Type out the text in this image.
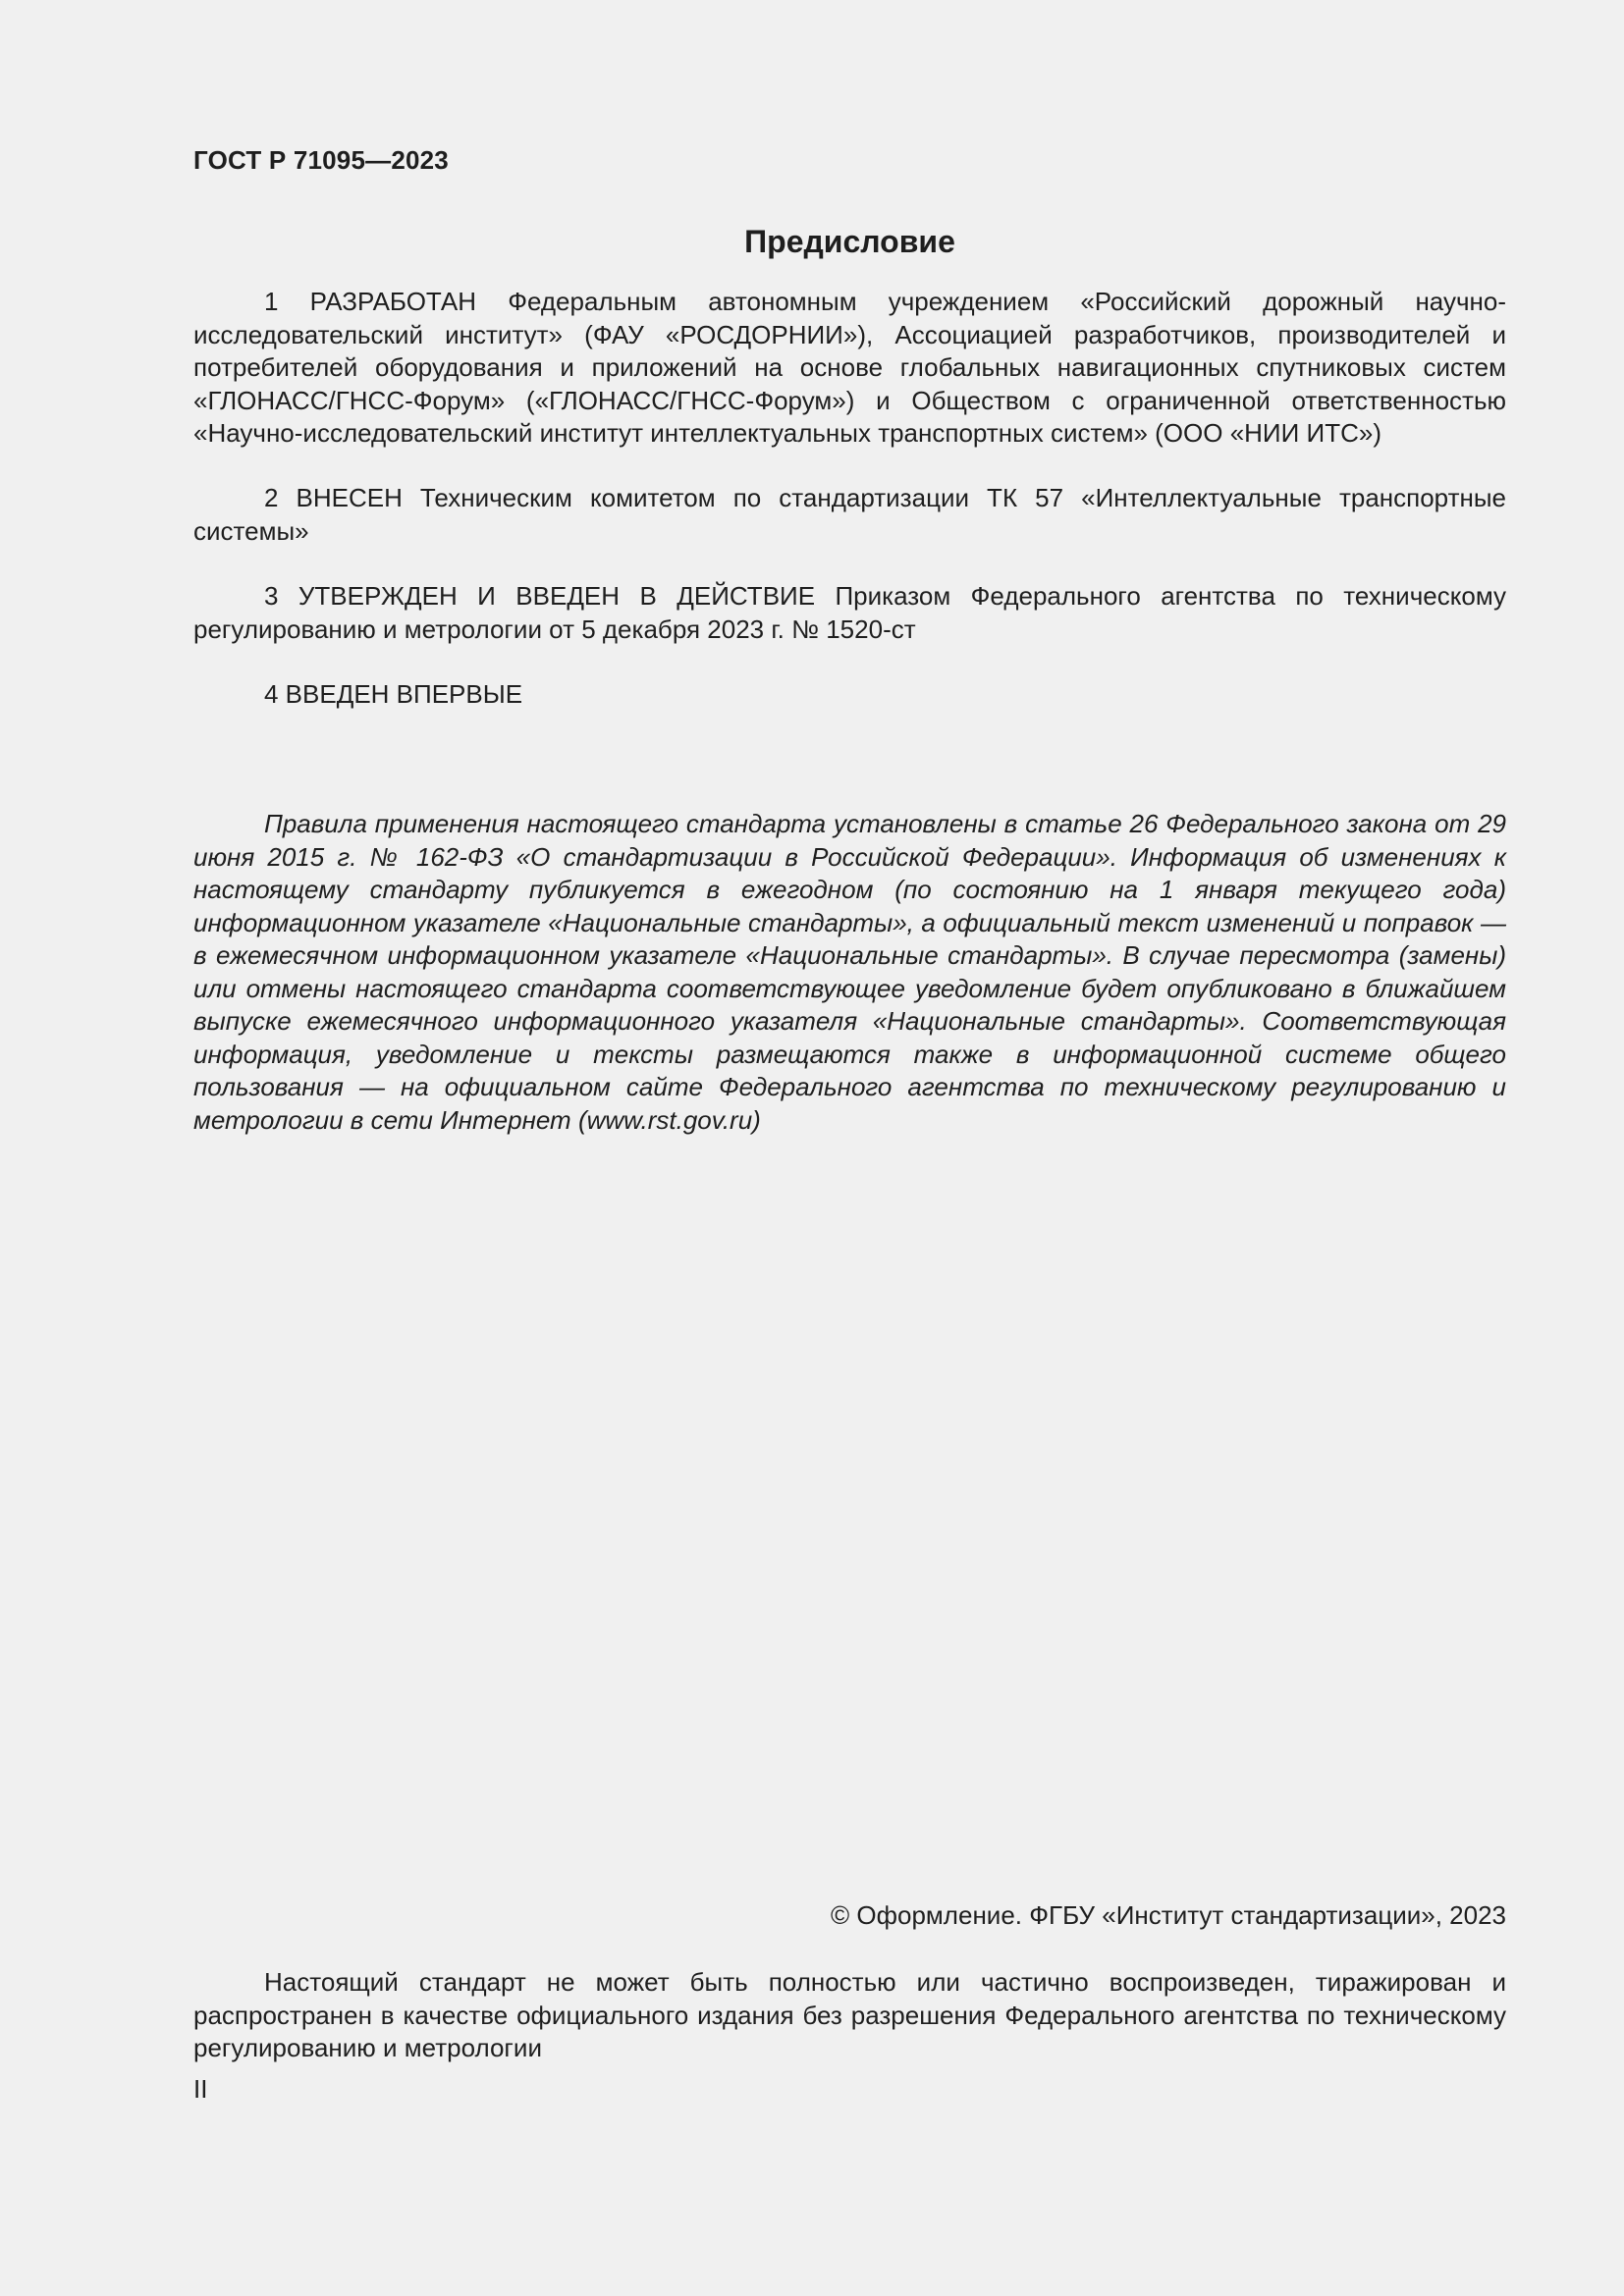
ГОСТ Р 71095—2023
Предисловие

1 РАЗРАБОТАН Федеральным автономным учреждением «Российский дорожный научно-исследовательский институт» (ФАУ «РОСДОРНИИ»), Ассоциацией разработчиков, производителей и потребителей оборудования и приложений на основе глобальных навигационных спутниковых систем «ГЛОНАСС/ГНСС-Форум» («ГЛОНАСС/ГНСС-Форум») и Обществом с ограниченной ответственностью «Научно-исследовательский институт интеллектуальных транспортных систем» (ООО «НИИ ИТС»)

2 ВНЕСЕН Техническим комитетом по стандартизации ТК 57 «Интеллектуальные транспортные системы»

3 УТВЕРЖДЕН И ВВЕДЕН В ДЕЙСТВИЕ Приказом Федерального агентства по техническому регулированию и метрологии от 5 декабря 2023 г. № 1520-ст

4 ВВЕДЕН ВПЕРВЫЕ

Правила применения настоящего стандарта установлены в статье 26 Федерального закона от 29 июня 2015 г. № 162-ФЗ «О стандартизации в Российской Федерации». Информация об изменениях к настоящему стандарту публикуется в ежегодном (по состоянию на 1 января текущего года) информационном указателе «Национальные стандарты», а официальный текст изменений и поправок — в ежемесячном информационном указателе «Национальные стандарты». В случае пересмотра (замены) или отмены настоящего стандарта соответствующее уведомление будет опубликовано в ближайшем выпуске ежемесячного информационного указателя «Национальные стандарты». Соответствующая информация, уведомление и тексты размещаются также в информационной системе общего пользования — на официальном сайте Федерального агентства по техническому регулированию и метрологии в сети Интернет (www.rst.gov.ru)

© Оформление. ФГБУ «Институт стандартизации», 2023

Настоящий стандарт не может быть полностью или частично воспроизведен, тиражирован и распространен в качестве официального издания без разрешения Федерального агентства по техническому регулированию и метрологии

II
